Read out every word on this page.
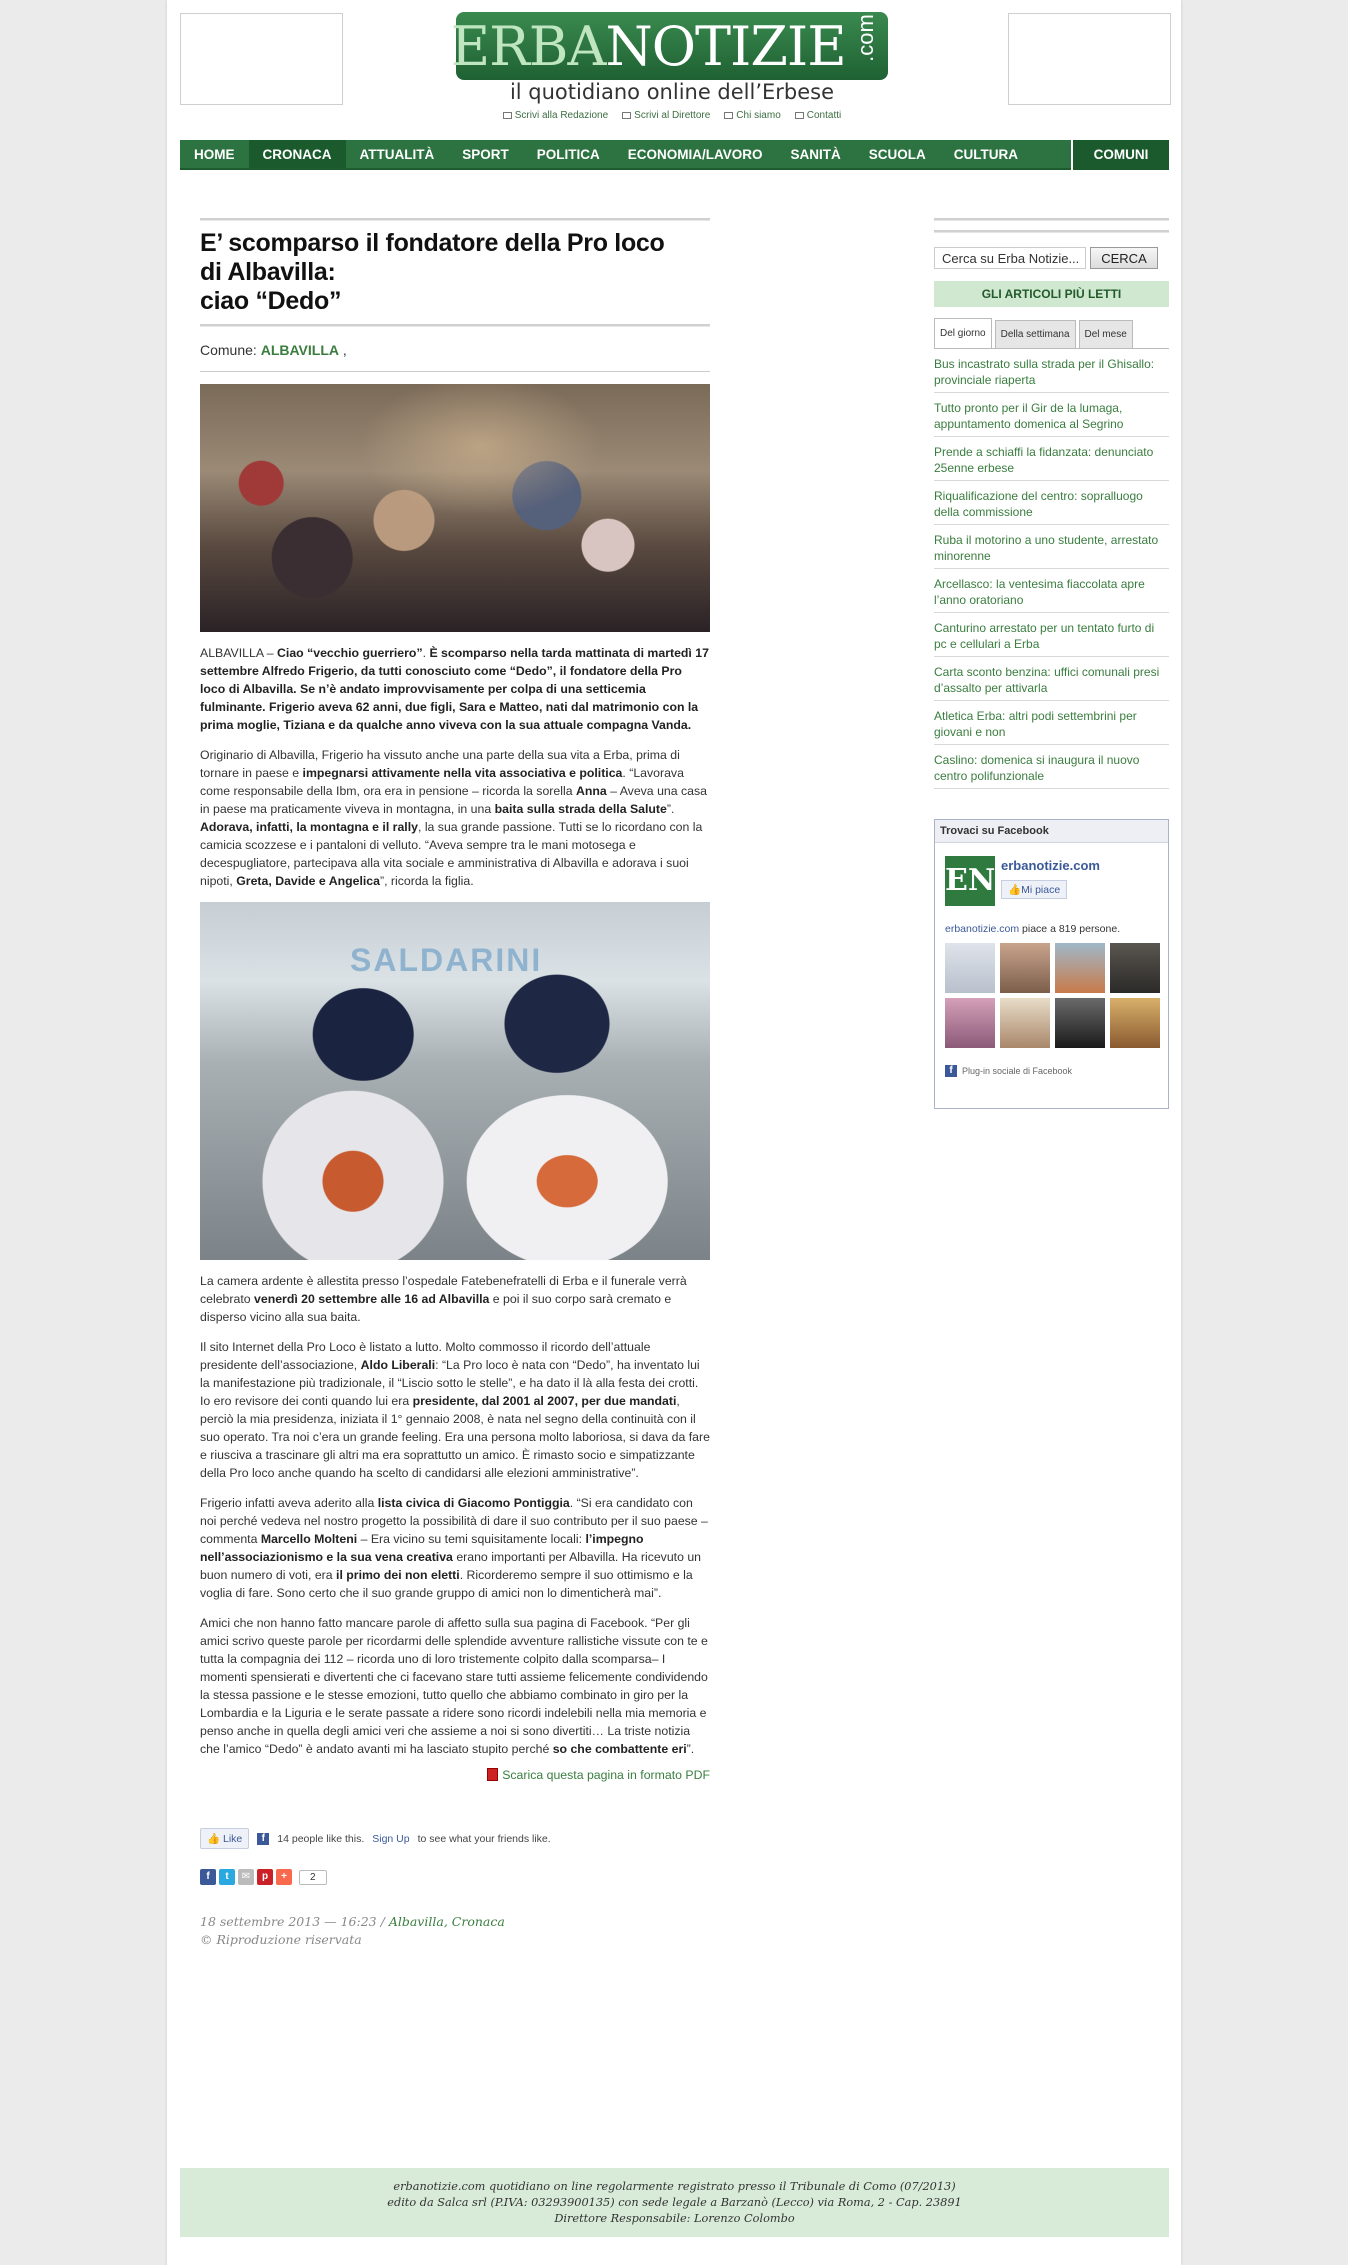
ERBANOTIZIE .com
il quotidiano online dell’Erbese
Scrivi alla Redazione	Scrivi al Direttore	Chi siamo	Contatti
HOME	CRONACA	ATTUALITÀ	SPORT	POLITICA	ECONOMIA/LAVORO	SANITÀ	SCUOLA	CULTURA	COMUNI
E’ scomparso il fondatore della Pro loco
di Albavilla:
ciao “Dedo”
Comune: ALBAVILLA ,

ALBAVILLA – Ciao “vecchio guerriero”. È scomparso nella tarda mattinata di martedì 17 settembre Alfredo Frigerio, da tutti conosciuto come “Dedo”, il fondatore della Pro loco di Albavilla. Se n’è andato improvvisamente per colpa di una setticemia fulminante. Frigerio aveva 62 anni, due figli, Sara e Matteo, nati dal matrimonio con la prima moglie, Tiziana e da qualche anno viveva con la sua attuale compagna Vanda.

Originario di Albavilla, Frigerio ha vissuto anche una parte della sua vita a Erba, prima di tornare in paese e impegnarsi attivamente nella vita associativa e politica. “Lavorava come responsabile della Ibm, ora era in pensione – ricorda la sorella Anna – Aveva una casa in paese ma praticamente viveva in montagna, in una baita sulla strada della Salute”. Adorava, infatti, la montagna e il rally, la sua grande passione. Tutti se lo ricordano con la camicia scozzese e i pantaloni di velluto. “Aveva sempre tra le mani motosega e decespugliatore, partecipava alla vita sociale e amministrativa di Albavilla e adorava i suoi nipoti, Greta, Davide e Angelica”, ricorda la figlia.

SALDARINI

La camera ardente è allestita presso l’ospedale Fatebenefratelli di Erba e il funerale verrà celebrato venerdì 20 settembre alle 16 ad Albavilla e poi il suo corpo sarà cremato e disperso vicino alla sua baita.

Il sito Internet della Pro Loco è listato a lutto. Molto commosso il ricordo dell’attuale presidente dell’associazione, Aldo Liberali: “La Pro loco è nata con “Dedo”, ha inventato lui la manifestazione più tradizionale, il “Liscio sotto le stelle”, e ha dato il là alla festa dei crotti. Io ero revisore dei conti quando lui era presidente, dal 2001 al 2007, per due mandati, perciò la mia presidenza, iniziata il 1° gennaio 2008, è nata nel segno della continuità con il suo operato. Tra noi c’era un grande feeling. Era una persona molto laboriosa, si dava da fare e riusciva a trascinare gli altri ma era soprattutto un amico. È rimasto socio e simpatizzante della Pro loco anche quando ha scelto di candidarsi alle elezioni amministrative”.

Frigerio infatti aveva aderito alla lista civica di Giacomo Pontiggia. “Si era candidato con noi perché vedeva nel nostro progetto la possibilità di dare il suo contributo per il suo paese – commenta Marcello Molteni – Era vicino su temi squisitamente locali: l’impegno nell’associazionismo e la sua vena creativa erano importanti per Albavilla. Ha ricevuto un buon numero di voti, era il primo dei non eletti. Ricorderemo sempre il suo ottimismo e la voglia di fare. Sono certo che il suo grande gruppo di amici non lo dimenticherà mai”.

Amici che non hanno fatto mancare parole di affetto sulla sua pagina di Facebook. “Per gli amici scrivo queste parole per ricordarmi delle splendide avventure rallistiche vissute con te e tutta la compagnia dei 112 – ricorda uno di loro tristemente colpito dalla scomparsa– I momenti spensierati e divertenti che ci facevano stare tutti assieme felicemente condividendo la stessa passione e le stesse emozioni, tutto quello che abbiamo combinato in giro per la Lombardia e la Liguria e le serate passate a ridere sono ricordi indelebili nella mia memoria e penso anche in quella degli amici veri che assieme a noi si sono divertiti… La triste notizia che l’amico “Dedo” è andato avanti mi ha lasciato stupito perché so che combattente eri”.

Scarica questa pagina in formato PDF
👍 Like	f	14 people like this. Sign Up to see what your friends like.
f	t	✉	p	+	2
18 settembre 2013 — 16:23 / Albavilla, Cronaca
© Riproduzione riservata
Cerca su Erba Notizie...
CERCA
GLI ARTICOLI PIÙ LETTI
Del giorno	Della settimana	Del mese
Bus incastrato sulla strada per il Ghisallo: provinciale riaperta
Tutto pronto per il Gir de la lumaga, appuntamento domenica al Segrino
Prende a schiaffi la fidanzata: denunciato 25enne erbese
Riqualificazione del centro: sopralluogo della commissione
Ruba il motorino a uno studente, arrestato minorenne
Arcellasco: la ventesima fiaccolata apre l’anno oratoriano
Canturino arrestato per un tentato furto di pc e cellulari a Erba
Carta sconto benzina: uffici comunali presi d’assalto per attivarla
Atletica Erba: altri podi settembrini per giovani e non
Caslino: domenica si inaugura il nuovo centro polifunzionale
Trovaci su Facebook
EN erbanotizie.com
👍Mi piace
erbanotizie.com piace a 819 persone.
f	Plug-in sociale di Facebook
erbanotizie.com quotidiano on line regolarmente registrato presso il Tribunale di Como (07/2013)
edito da Salca srl (P.IVA: 03293900135) con sede legale a Barzanò (Lecco) via Roma, 2 - Cap. 23891
Direttore Responsabile: Lorenzo Colombo
